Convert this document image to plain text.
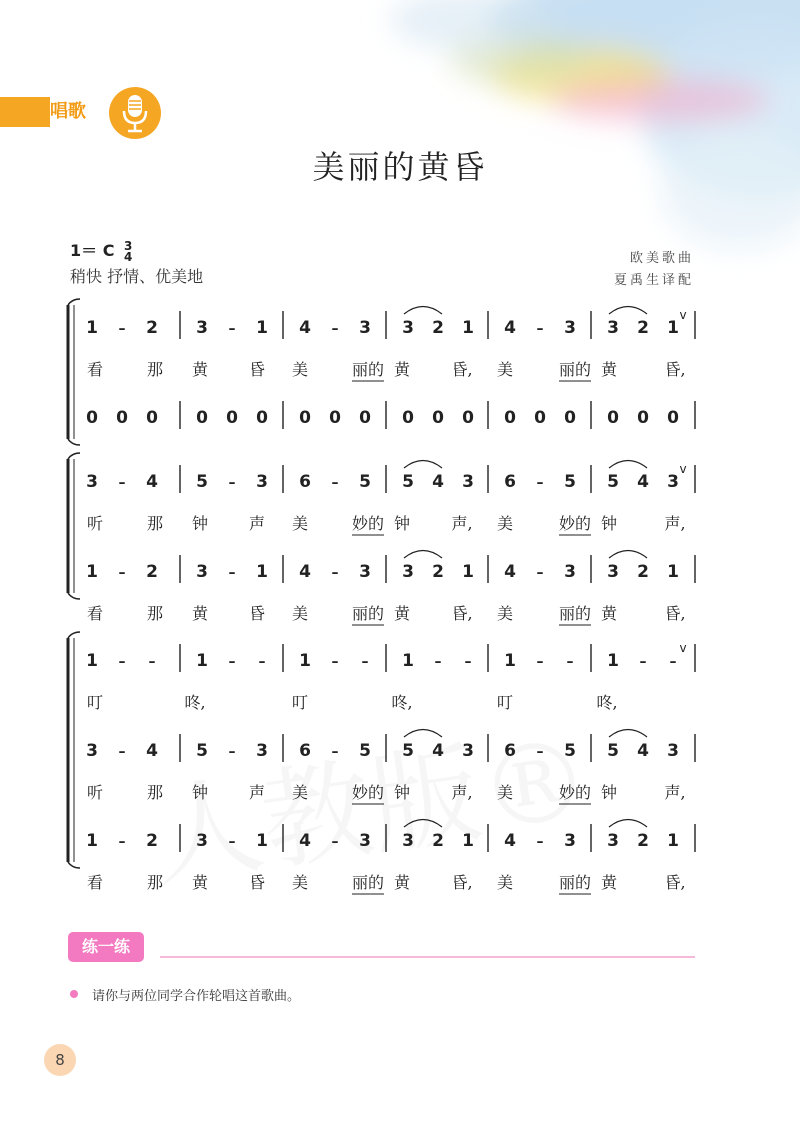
唱歌
美丽的黄昏
1＝ C 3
4
稍快 抒情、优美地
欧美歌曲
夏禹生译配
1 – 2 3 – 1 4 – 3 3 2 1 4 – 3 3 2 1
v
看	那 黄	昏 美	丽的 黄	昏, 美	丽的 黄	昏,
0 0 0 0 0 0 0 0 0 0 0 0 0 0 0 0 0 0
3 – 4 5 – 3 6 – 5 5 4 3 6 – 5 5 4 3
v
听	那 钟	声 美	妙的 钟	声, 美	妙的 钟	声,
1 – 2 3 – 1 4 – 3 3 2 1 4 – 3 3 2 1
看	那 黄	昏 美	丽的 黄	昏, 美	丽的 黄	昏,
1 – – 1 – – 1 – – 1 – – 1 – – 1 – –
v
叮	咚,	叮	咚,	叮	咚,
3 – 4 5 – 3 6 – 5 5 4 3 6 – 5 5 4 3
听	那 钟	声 美	妙的 钟	声, 美	妙的 钟	声,
1 – 2 3 – 1 4 – 3 3 2 1 4 – 3 3 2 1
看	那 黄	昏 美	丽的 黄	昏, 美	丽的 黄	昏,
练一练
请你与两位同学合作轮唱这首歌曲。
8
